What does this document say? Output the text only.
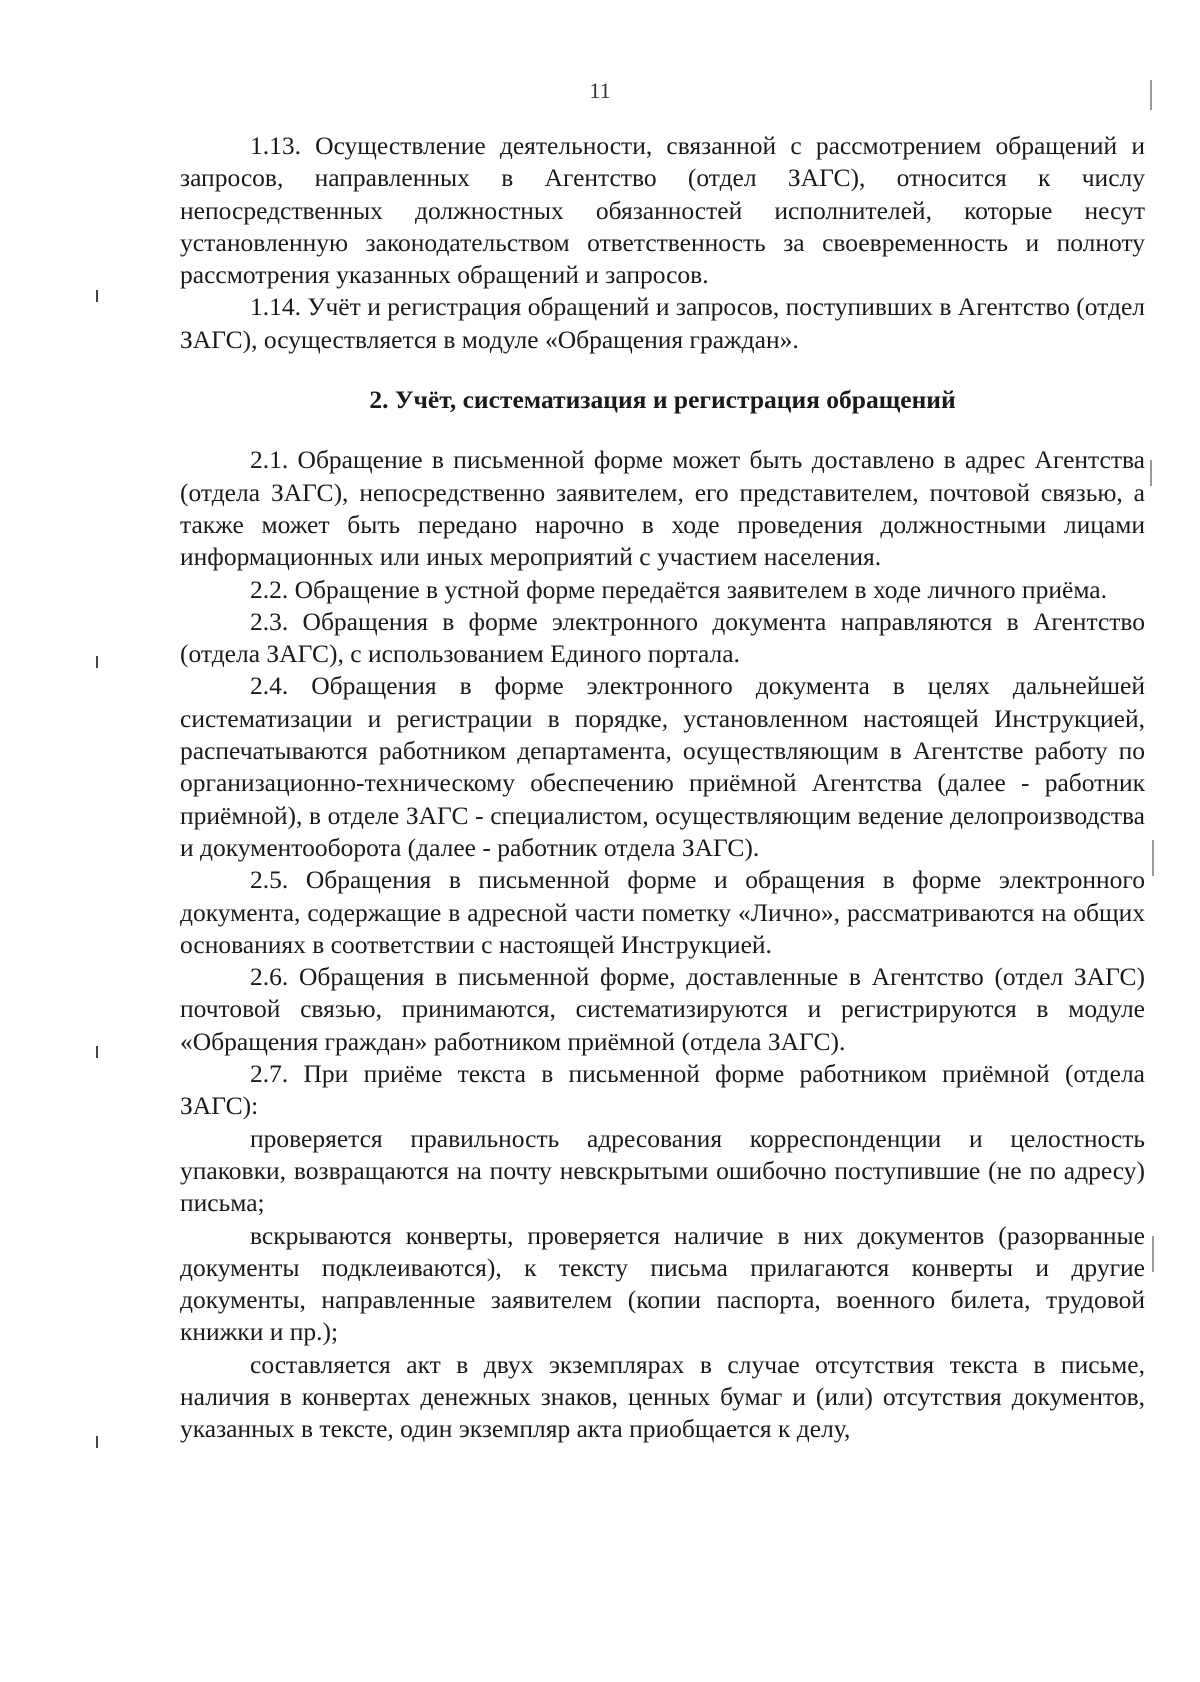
11

1.13. Осуществление деятельности, связанной с рассмотрением обращений и запросов, направленных в Агентство (отдел ЗАГС), относится к числу непосредственных должностных обязанностей исполнителей, которые несут установленную законодательством ответственность за своевременность и полноту рассмотрения указанных обращений и запросов.

1.14. Учёт и регистрация обращений и запросов, поступивших в Агентство (отдел ЗАГС), осуществляется в модуле «Обращения граждан».

2. Учёт, систематизация и регистрация обращений

2.1. Обращение в письменной форме может быть доставлено в адрес Агентства (отдела ЗАГС), непосредственно заявителем, его представителем, почтовой связью, а также может быть передано нарочно в ходе проведения должностными лицами информационных или иных мероприятий с участием населения.

2.2. Обращение в устной форме передаётся заявителем в ходе личного приёма.

2.3. Обращения в форме электронного документа направляются в Агентство (отдела ЗАГС), с использованием Единого портала.

2.4. Обращения в форме электронного документа в целях дальнейшей систематизации и регистрации в порядке, установленном настоящей Инструкцией, распечатываются работником департамента, осуществляющим в Агентстве работу по организационно-техническому обеспечению приёмной Агентства (далее - работник приёмной), в отделе ЗАГС - специалистом, осуществляющим ведение делопроизводства и документооборота (далее - работник отдела ЗАГС).

2.5. Обращения в письменной форме и обращения в форме электронного документа, содержащие в адресной части пометку «Лично», рассматриваются на общих основаниях в соответствии с настоящей Инструкцией.

2.6. Обращения в письменной форме, доставленные в Агентство (отдел ЗАГС) почтовой связью, принимаются, систематизируются и регистрируются в модуле «Обращения граждан» работником приёмной (отдела ЗАГС).

2.7. При приёме текста в письменной форме работником приёмной (отдела ЗАГС):

проверяется правильность адресования корреспонденции и целостность упаковки, возвращаются на почту невскрытыми ошибочно поступившие (не по адресу) письма;

вскрываются конверты, проверяется наличие в них документов (разорванные документы подклеиваются), к тексту письма прилагаются конверты и другие документы, направленные заявителем (копии паспорта, военного билета, трудовой книжки и пр.);

составляется акт в двух экземплярах в случае отсутствия текста в письме, наличия в конвертах денежных знаков, ценных бумаг и (или) отсутствия документов, указанных в тексте, один экземпляр акта приобщается к делу,
